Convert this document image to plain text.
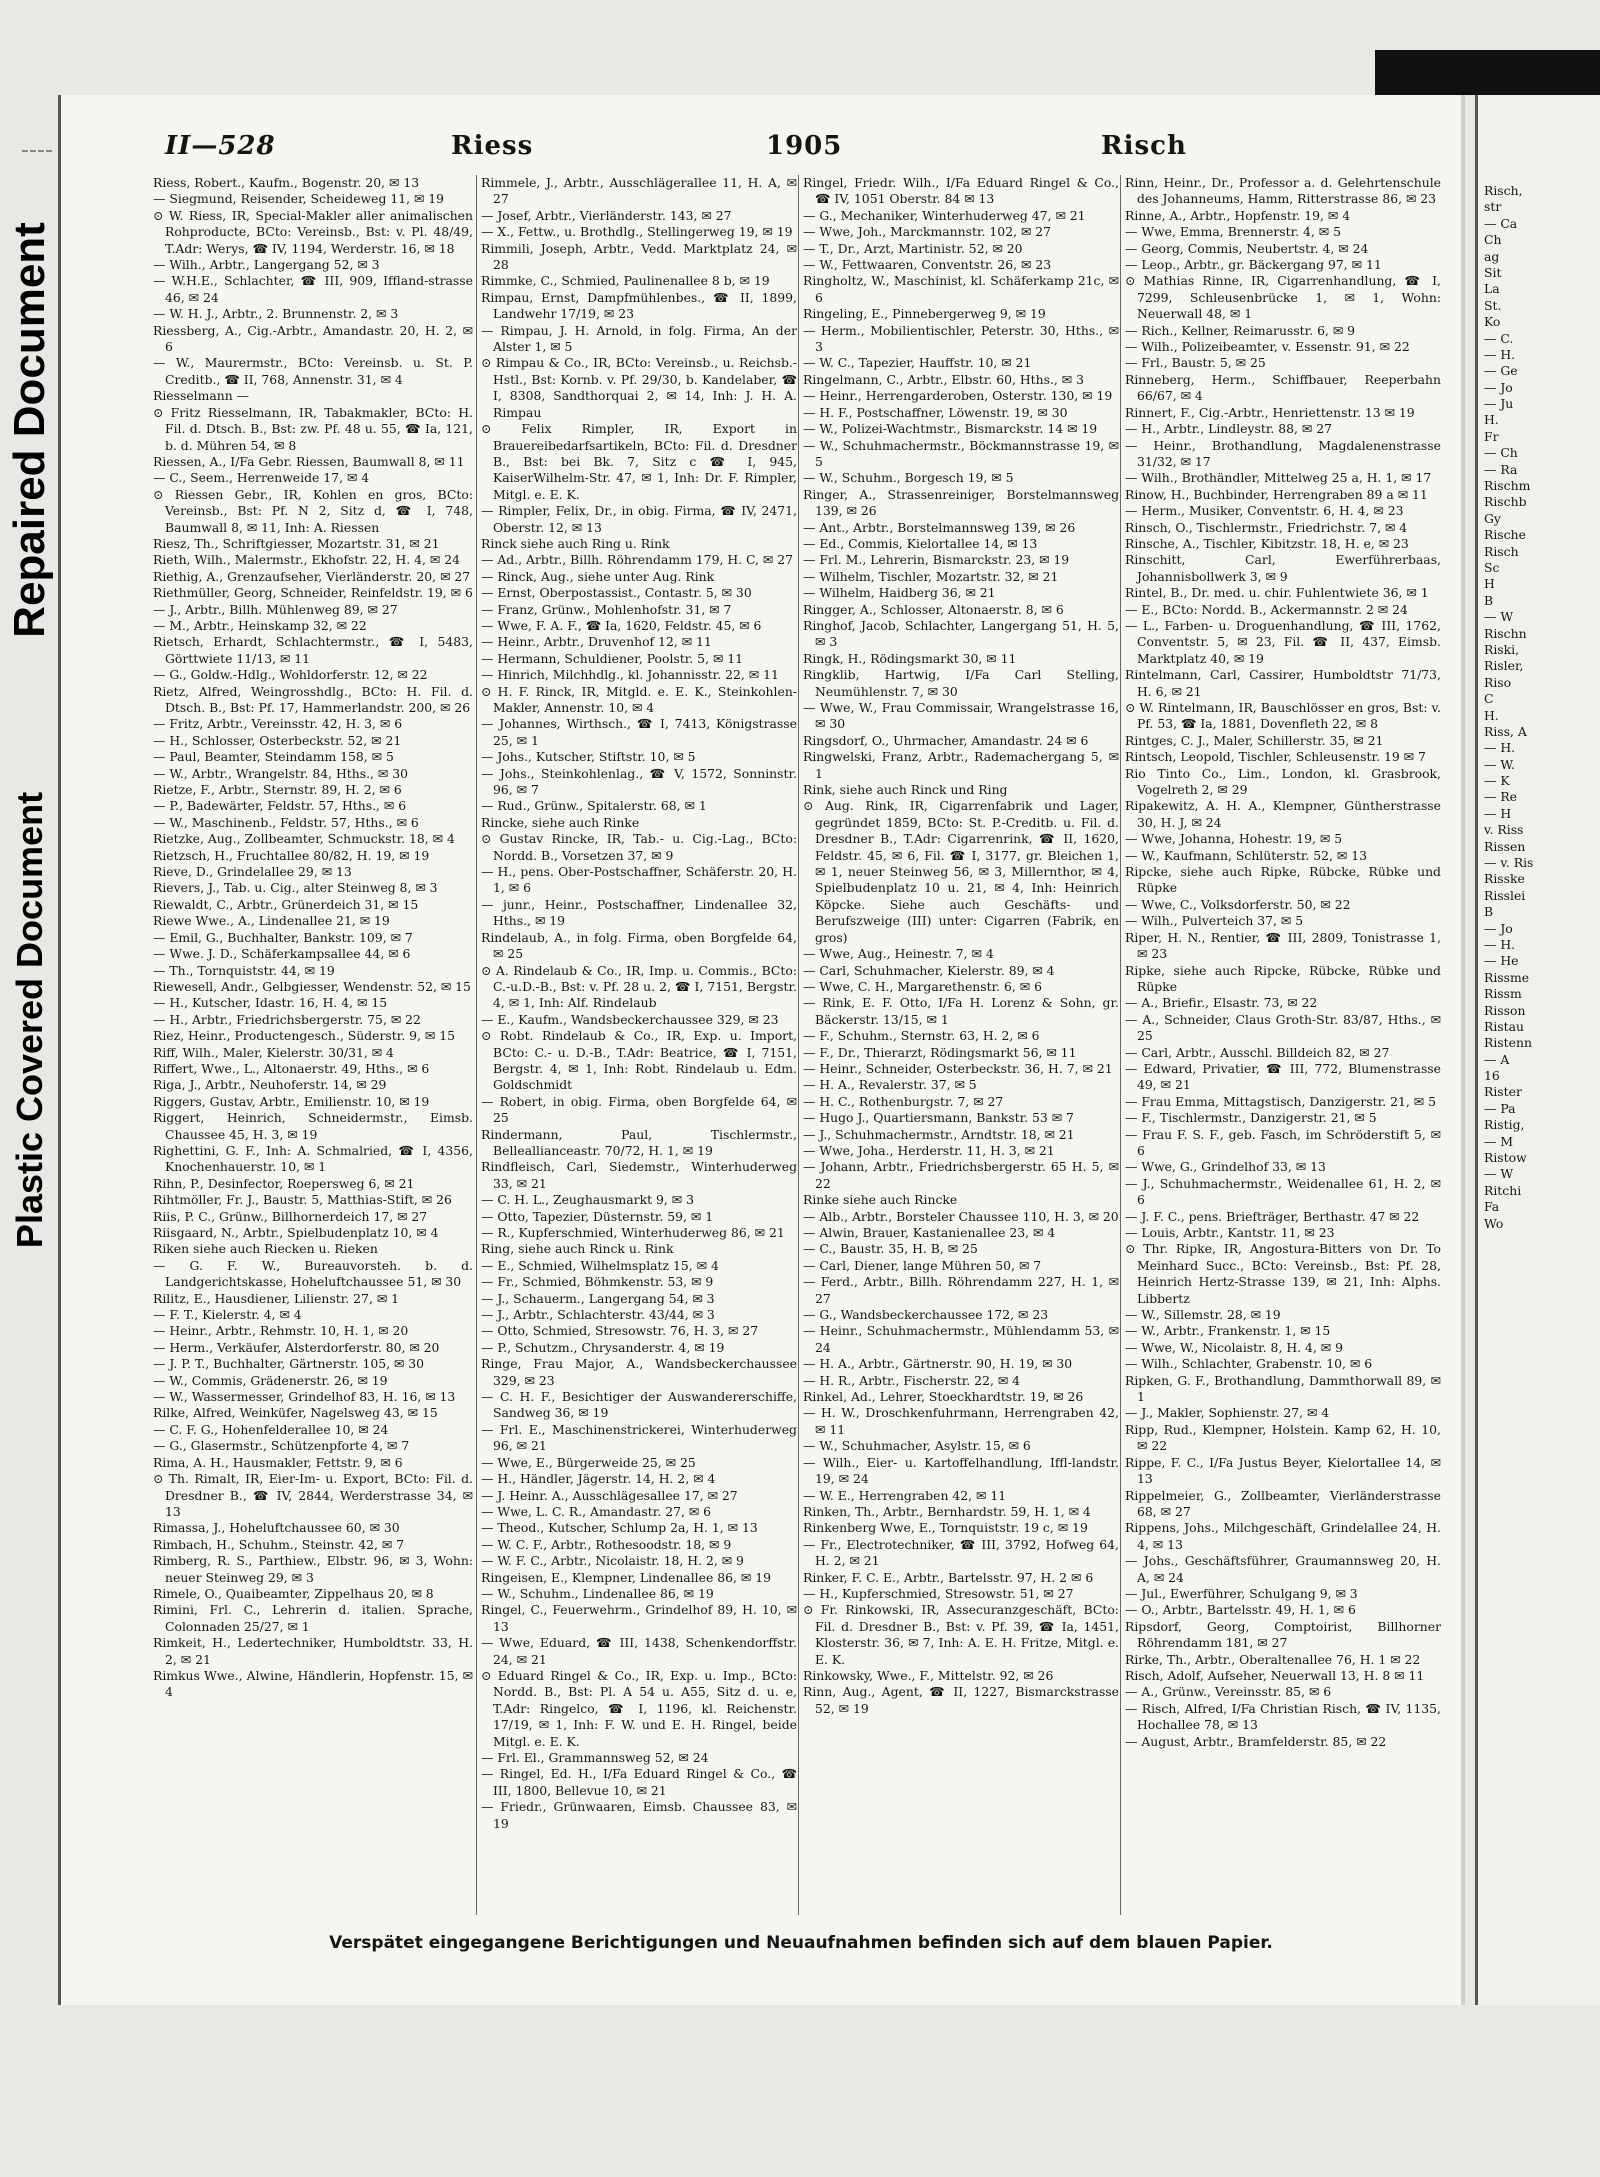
Repaired Document
Plastic Covered Document
II—528	Riess	1905	Risch

Riess, Robert., Kaufm., Bogenstr. 20, ✉ 13

— Siegmund, Reisender, Scheideweg 11, ✉ 19

⊙ W. Riess, IR, Special-Makler aller animalischen Rohproducte, BCto: Vereinsb., Bst: v. Pl. 48/49, T.Adr: Werys, ☎ IV, 1194, Werderstr. 16, ✉ 18

— Wilh., Arbtr., Langergang 52, ✉ 3

— W.H.E., Schlachter, ☎ III, 909, Iffland-strasse 46, ✉ 24

— W. H. J., Arbtr., 2. Brunnenstr. 2, ✉ 3

Riessberg, A., Cig.-Arbtr., Amandastr. 20, H. 2, ✉ 6

— W., Maurermstr., BCto: Vereinsb. u. St. P. Creditb., ☎ II, 768, Annenstr. 31, ✉ 4

Riesselmann —

⊙ Fritz Riesselmann, IR, Tabakmakler, BCto: H. Fil. d. Dtsch. B., Bst: zw. Pf. 48 u. 55, ☎ Ia, 121, b. d. Mühren 54, ✉ 8

Riessen, A., I/Fa Gebr. Riessen, Baumwall 8, ✉ 11

— C., Seem., Herrenweide 17, ✉ 4

⊙ Riessen Gebr., IR, Kohlen en gros, BCto: Vereinsb., Bst: Pf. N 2, Sitz d, ☎ I, 748, Baumwall 8, ✉ 11, Inh: A. Riessen

Riesz, Th., Schriftgiesser, Mozartstr. 31, ✉ 21

Rieth, Wilh., Malermstr., Ekhofstr. 22, H. 4, ✉ 24

Riethig, A., Grenzaufseher, Vierländerstr. 20, ✉ 27

Riethmüller, Georg, Schneider, Reinfeldstr. 19, ✉ 6

— J., Arbtr., Billh. Mühlenweg 89, ✉ 27

— M., Arbtr., Heinskamp 32, ✉ 22

Rietsch, Erhardt, Schlachtermstr., ☎ I, 5483, Görttwiete 11/13, ✉ 11

— G., Goldw.-Hdlg., Wohldorferstr. 12, ✉ 22

Rietz, Alfred, Weingrosshdlg., BCto: H. Fil. d. Dtsch. B., Bst: Pf. 17, Hammerlandstr. 200, ✉ 26

— Fritz, Arbtr., Vereinsstr. 42, H. 3, ✉ 6

— H., Schlosser, Osterbeckstr. 52, ✉ 21

— Paul, Beamter, Steindamm 158, ✉ 5

— W., Arbtr., Wrangelstr. 84, Hths., ✉ 30

Rietze, F., Arbtr., Sternstr. 89, H. 2, ✉ 6

— P., Badewärter, Feldstr. 57, Hths., ✉ 6

— W., Maschinenb., Feldstr. 57, Hths., ✉ 6

Rietzke, Aug., Zollbeamter, Schmuckstr. 18, ✉ 4

Rietzsch, H., Fruchtallee 80/82, H. 19, ✉ 19

Rieve, D., Grindelallee 29, ✉ 13

Rievers, J., Tab. u. Cig., alter Steinweg 8, ✉ 3

Riewaldt, C., Arbtr., Grünerdeich 31, ✉ 15

Riewe Wwe., A., Lindenallee 21, ✉ 19

— Emil, G., Buchhalter, Bankstr. 109, ✉ 7

— Wwe. J. D., Schäferkampsallee 44, ✉ 6

— Th., Tornquiststr. 44, ✉ 19

Riewesell, Andr., Gelbgiesser, Wendenstr. 52, ✉ 15

— H., Kutscher, Idastr. 16, H. 4, ✉ 15

— H., Arbtr., Friedrichsbergerstr. 75, ✉ 22

Riez, Heinr., Productengesch., Süderstr. 9, ✉ 15

Riff, Wilh., Maler, Kielerstr. 30/31, ✉ 4

Riffert, Wwe., L., Altonaerstr. 49, Hths., ✉ 6

Riga, J., Arbtr., Neuhoferstr. 14, ✉ 29

Riggers, Gustav, Arbtr., Emilienstr. 10, ✉ 19

Riggert, Heinrich, Schneidermstr., Eimsb. Chaussee 45, H. 3, ✉ 19

Righettini, G. F., Inh: A. Schmalried, ☎ I, 4356, Knochenhauerstr. 10, ✉ 1

Rihn, P., Desinfector, Roepersweg 6, ✉ 21

Rihtmöller, Fr. J., Baustr. 5, Matthias-Stift, ✉ 26

Riis, P. C., Grünw., Billhornerdeich 17, ✉ 27

Riisgaard, N., Arbtr., Spielbudenplatz 10, ✉ 4

Riken siehe auch Riecken u. Rieken

— G. F. W., Bureauvorsteh. b. d. Landgerichtskasse, Hoheluftchaussee 51, ✉ 30

Rilitz, E., Hausdiener, Lilienstr. 27, ✉ 1

— F. T., Kielerstr. 4, ✉ 4

— Heinr., Arbtr., Rehmstr. 10, H. 1, ✉ 20

— Herm., Verkäufer, Alsterdorferstr. 80, ✉ 20

— J. P. T., Buchhalter, Gärtnerstr. 105, ✉ 30

— W., Commis, Grädenerstr. 26, ✉ 19

— W., Wassermesser, Grindelhof 83, H. 16, ✉ 13

Rilke, Alfred, Weinküfer, Nagelsweg 43, ✉ 15

— C. F. G., Hohenfelderallee 10, ✉ 24

— G., Glasermstr., Schützenpforte 4, ✉ 7

Rima, A. H., Hausmakler, Fettstr. 9, ✉ 6

⊙ Th. Rimalt, IR, Eier-Im- u. Export, BCto: Fil. d. Dresdner B., ☎ IV, 2844, Werderstrasse 34, ✉ 13

Rimassa, J., Hoheluftchaussee 60, ✉ 30

Rimbach, H., Schuhm., Steinstr. 42, ✉ 7

Rimberg, R. S., Parthiew., Elbstr. 96, ✉ 3, Wohn: neuer Steinweg 29, ✉ 3

Rimele, O., Quaibeamter, Zippelhaus 20, ✉ 8

Rimini, Frl. C., Lehrerin d. italien. Sprache, Colonnaden 25/27, ✉ 1

Rimkeit, H., Ledertechniker, Humboldtstr. 33, H. 2, ✉ 21

Rimkus Wwe., Alwine, Händlerin, Hopfenstr. 15, ✉ 4

Rimmele, J., Arbtr., Ausschlägerallee 11, H. A, ✉ 27

— Josef, Arbtr., Vierländerstr. 143, ✉ 27

— X., Fettw., u. Brothdlg., Stellingerweg 19, ✉ 19

Rimmili, Joseph, Arbtr., Vedd. Marktplatz 24, ✉ 28

Rimmke, C., Schmied, Paulinenallee 8 b, ✉ 19

Rimpau, Ernst, Dampfmühlenbes., ☎ II, 1899, Landwehr 17/19, ✉ 23

— Rimpau, J. H. Arnold, in folg. Firma, An der Alster 1, ✉ 5

⊙ Rimpau & Co., IR, BCto: Vereinsb., u. Reichsb.-Hstl., Bst: Kornb. v. Pf. 29/30, b. Kandelaber, ☎ I, 8308, Sandthorquai 2, ✉ 14, Inh: J. H. A. Rimpau

⊙ Felix Rimpler, IR, Export in Brauereibedarfsartikeln, BCto: Fil. d. Dresdner B., Bst: bei Bk. 7, Sitz c ☎ I, 945, KaiserWilhelm-Str. 47, ✉ 1, Inh: Dr. F. Rimpler, Mitgl. e. E. K.

— Rimpler, Felix, Dr., in obig. Firma, ☎ IV, 2471, Oberstr. 12, ✉ 13

Rinck siehe auch Ring u. Rink

— Ad., Arbtr., Billh. Röhrendamm 179, H. C, ✉ 27

— Rinck, Aug., siehe unter Aug. Rink

— Ernst, Oberpostassist., Contastr. 5, ✉ 30

— Franz, Grünw., Mohlenhofstr. 31, ✉ 7

— Wwe, F. A. F., ☎ Ia, 1620, Feldstr. 45, ✉ 6

— Heinr., Arbtr., Druvenhof 12, ✉ 11

— Hermann, Schuldiener, Poolstr. 5, ✉ 11

— Hinrich, Milchhdlg., kl. Johannisstr. 22, ✉ 11

⊙ H. F. Rinck, IR, Mitgld. e. E. K., Steinkohlen-Makler, Annenstr. 10, ✉ 4

— Johannes, Wirthsch., ☎ I, 7413, Königstrasse 25, ✉ 1

— Johs., Kutscher, Stiftstr. 10, ✉ 5

— Johs., Steinkohlenlag., ☎ V, 1572, Sonninstr. 96, ✉ 7

— Rud., Grünw., Spitalerstr. 68, ✉ 1

Rincke, siehe auch Rinke

⊙ Gustav Rincke, IR, Tab.- u. Cig.-Lag., BCto: Nordd. B., Vorsetzen 37, ✉ 9

— H., pens. Ober-Postschaffner, Schäferstr. 20, H. 1, ✉ 6

— junr., Heinr., Postschaffner, Lindenallee 32, Hths., ✉ 19

Rindelaub, A., in folg. Firma, oben Borgfelde 64, ✉ 25

⊙ A. Rindelaub & Co., IR, Imp. u. Commis., BCto: C.-u.D.-B., Bst: v. Pf. 28 u. 2, ☎ I, 7151, Bergstr. 4, ✉ 1, Inh: Alf. Rindelaub

— E., Kaufm., Wandsbeckerchaussee 329, ✉ 23

⊙ Robt. Rindelaub & Co., IR, Exp. u. Import, BCto: C.- u. D.-B., T.Adr: Beatrice, ☎ I, 7151, Bergstr. 4, ✉ 1, Inh: Robt. Rindelaub u. Edm. Goldschmidt

— Robert, in obig. Firma, oben Borgfelde 64, ✉ 25

Rindermann, Paul, Tischlermstr., Belleallianceastr. 70/72, H. 1, ✉ 19

Rindfleisch, Carl, Siedemstr., Winterhuderweg 33, ✉ 21

— C. H. L., Zeughausmarkt 9, ✉ 3

— Otto, Tapezier, Düsternstr. 59, ✉ 1

— R., Kupferschmied, Winterhuderweg 86, ✉ 21

Ring, siehe auch Rinck u. Rink

— E., Schmied, Wilhelmsplatz 15, ✉ 4

— Fr., Schmied, Böhmkenstr. 53, ✉ 9

— J., Schauerm., Langergang 54, ✉ 3

— J., Arbtr., Schlachterstr. 43/44, ✉ 3

— Otto, Schmied, Stresowstr. 76, H. 3, ✉ 27

— P., Schutzm., Chrysanderstr. 4, ✉ 19

Ringe, Frau Major, A., Wandsbeckerchaussee 329, ✉ 23

— C. H. F., Besichtiger der Auswandererschiffe, Sandweg 36, ✉ 19

— Frl. E., Maschinenstrickerei, Winterhuderweg 96, ✉ 21

— Wwe, E., Bürgerweide 25, ✉ 25

— H., Händler, Jägerstr. 14, H. 2, ✉ 4

— J. Heinr. A., Ausschlägesallee 17, ✉ 27

— Wwe, L. C. R., Amandastr. 27, ✉ 6

— Theod., Kutscher, Schlump 2a, H. 1, ✉ 13

— W. C. F., Arbtr., Rothesoodstr. 18, ✉ 9

— W. F. C., Arbtr., Nicolaistr. 18, H. 2, ✉ 9

Ringeisen, E., Klempner, Lindenallee 86, ✉ 19

— W., Schuhm., Lindenallee 86, ✉ 19

Ringel, C., Feuerwehrm., Grindelhof 89, H. 10, ✉ 13

— Wwe, Eduard, ☎ III, 1438, Schenkendorffstr. 24, ✉ 21

⊙ Eduard Ringel & Co., IR, Exp. u. Imp., BCto: Nordd. B., Bst: Pl. A 54 u. A55, Sitz d. u. e, T.Adr: Ringelco, ☎ I, 1196, kl. Reichenstr. 17/19, ✉ 1, Inh: F. W. und E. H. Ringel, beide Mitgl. e. E. K.

— Frl. El., Grammannsweg 52, ✉ 24

— Ringel, Ed. H., I/Fa Eduard Ringel & Co., ☎ III, 1800, Bellevue 10, ✉ 21

— Friedr., Grünwaaren, Eimsb. Chaussee 83, ✉ 19

Ringel, Friedr. Wilh., I/Fa Eduard Ringel & Co., ☎ IV, 1051 Oberstr. 84 ✉ 13

— G., Mechaniker, Winterhuderweg 47, ✉ 21

— Wwe, Joh., Marckmannstr. 102, ✉ 27

— T., Dr., Arzt, Martinistr. 52, ✉ 20

— W., Fettwaaren, Conventstr. 26, ✉ 23

Ringholtz, W., Maschinist, kl. Schäferkamp 21c, ✉ 6

Ringeling, E., Pinnebergerweg 9, ✉ 19

— Herm., Mobilientischler, Peterstr. 30, Hths., ✉ 3

— W. C., Tapezier, Hauffstr. 10, ✉ 21

Ringelmann, C., Arbtr., Elbstr. 60, Hths., ✉ 3

— Heinr., Herrengarderoben, Osterstr. 130, ✉ 19

— H. F., Postschaffner, Löwenstr. 19, ✉ 30

— W., Polizei-Wachtmstr., Bismarckstr. 14 ✉ 19

— W., Schuhmachermstr., Böckmannstrasse 19, ✉ 5

— W., Schuhm., Borgesch 19, ✉ 5

Ringer, A., Strassenreiniger, Borstelmannsweg 139, ✉ 26

— Ant., Arbtr., Borstelmannsweg 139, ✉ 26

— Ed., Commis, Kielortallee 14, ✉ 13

— Frl. M., Lehrerin, Bismarckstr. 23, ✉ 19

— Wilhelm, Tischler, Mozartstr. 32, ✉ 21

— Wilhelm, Haidberg 36, ✉ 21

Ringger, A., Schlosser, Altonaerstr. 8, ✉ 6

Ringhof, Jacob, Schlachter, Langergang 51, H. 5, ✉ 3

Ringk, H., Rödingsmarkt 30, ✉ 11

Ringklib, Hartwig, I/Fa Carl Stelling, Neumühlenstr. 7, ✉ 30

— Wwe, W., Frau Commissair, Wrangelstrasse 16, ✉ 30

Ringsdorf, O., Uhrmacher, Amandastr. 24 ✉ 6

Ringwelski, Franz, Arbtr., Rademachergang 5, ✉ 1

Rink, siehe auch Rinck und Ring

⊙ Aug. Rink, IR, Cigarrenfabrik und Lager, gegründet 1859, BCto: St. P.-Creditb. u. Fil. d. Dresdner B., T.Adr: Cigarrenrink, ☎ II, 1620, Feldstr. 45, ✉ 6, Fil. ☎ I, 3177, gr. Bleichen 1, ✉ 1, neuer Steinweg 56, ✉ 3, Millernthor, ✉ 4, Spielbudenplatz 10 u. 21, ✉ 4, Inh: Heinrich Köpcke. Siehe auch Geschäfts- und Berufszweige (III) unter: Cigarren (Fabrik, en gros)

— Wwe, Aug., Heinestr. 7, ✉ 4

— Carl, Schuhmacher, Kielerstr. 89, ✉ 4

— Wwe, C. H., Margarethenstr. 6, ✉ 6

— Rink, E. F. Otto, I/Fa H. Lorenz & Sohn, gr. Bäckerstr. 13/15, ✉ 1

— F., Schuhm., Sternstr. 63, H. 2, ✉ 6

— F., Dr., Thierarzt, Rödingsmarkt 56, ✉ 11

— Heinr., Schneider, Osterbeckstr. 36, H. 7, ✉ 21

— H. A., Revalerstr. 37, ✉ 5

— H. C., Rothenburgstr. 7, ✉ 27

— Hugo J., Quartiersmann, Bankstr. 53 ✉ 7

— J., Schuhmachermstr., Arndtstr. 18, ✉ 21

— Wwe, Joha., Herderstr. 11, H. 3, ✉ 21

— Johann, Arbtr., Friedrichsbergerstr. 65 H. 5, ✉ 22

Rinke siehe auch Rincke

— Alb., Arbtr., Borsteler Chaussee 110, H. 3, ✉ 20

— Alwin, Brauer, Kastanienallee 23, ✉ 4

— C., Baustr. 35, H. B, ✉ 25

— Carl, Diener, lange Mühren 50, ✉ 7

— Ferd., Arbtr., Billh. Röhrendamm 227, H. 1, ✉ 27

— G., Wandsbeckerchaussee 172, ✉ 23

— Heinr., Schuhmachermstr., Mühlendamm 53, ✉ 24

— H. A., Arbtr., Gärtnerstr. 90, H. 19, ✉ 30

— H. R., Arbtr., Fischerstr. 22, ✉ 4

Rinkel, Ad., Lehrer, Stoeckhardtstr. 19, ✉ 26

— H. W., Droschkenfuhrmann, Herrengraben 42, ✉ 11

— W., Schuhmacher, Asylstr. 15, ✉ 6

— Wilh., Eier- u. Kartoffelhandlung, Iffl-landstr. 19, ✉ 24

— W. E., Herrengraben 42, ✉ 11

Rinken, Th., Arbtr., Bernhardstr. 59, H. 1, ✉ 4

Rinkenberg Wwe, E., Tornquiststr. 19 c, ✉ 19

— Fr., Electrotechniker, ☎ III, 3792, Hofweg 64, H. 2, ✉ 21

Rinker, F. C. E., Arbtr., Bartelsstr. 97, H. 2 ✉ 6

— H., Kupferschmied, Stresowstr. 51, ✉ 27

⊙ Fr. Rinkowski, IR, Assecuranzgeschäft, BCto: Fil. d. Dresdner B., Bst: v. Pf. 39, ☎ Ia, 1451, Klosterstr. 36, ✉ 7, Inh: A. E. H. Fritze, Mitgl. e. E. K.

Rinkowsky, Wwe., F., Mittelstr. 92, ✉ 26

Rinn, Aug., Agent, ☎ II, 1227, Bismarckstrasse 52, ✉ 19

Rinn, Heinr., Dr., Professor a. d. Gelehrtenschule des Johanneums, Hamm, Ritterstrasse 86, ✉ 23

Rinne, A., Arbtr., Hopfenstr. 19, ✉ 4

— Wwe, Emma, Brennerstr. 4, ✉ 5

— Georg, Commis, Neubertstr. 4, ✉ 24

— Leop., Arbtr., gr. Bäckergang 97, ✉ 11

⊙ Mathias Rinne, IR, Cigarrenhandlung, ☎ I, 7299, Schleusenbrücke 1, ✉ 1, Wohn: Neuerwall 48, ✉ 1

— Rich., Kellner, Reimarusstr. 6, ✉ 9

— Wilh., Polizeibeamter, v. Essenstr. 91, ✉ 22

— Frl., Baustr. 5, ✉ 25

Rinneberg, Herm., Schiffbauer, Reeperbahn 66/67, ✉ 4

Rinnert, F., Cig.-Arbtr., Henriettenstr. 13 ✉ 19

— H., Arbtr., Lindleystr. 88, ✉ 27

— Heinr., Brothandlung, Magdalenenstrasse 31/32, ✉ 17

— Wilh., Brothändler, Mittelweg 25 a, H. 1, ✉ 17

Rinow, H., Buchbinder, Herrengraben 89 a ✉ 11

— Herm., Musiker, Conventstr. 6, H. 4, ✉ 23

Rinsch, O., Tischlermstr., Friedrichstr. 7, ✉ 4

Rinsche, A., Tischler, Kibitzstr. 18, H. e, ✉ 23

Rinschitt, Carl, Ewerführerbaas, Johannisbollwerk 3, ✉ 9

Rintel, B., Dr. med. u. chir. Fuhlentwiete 36, ✉ 1

— E., BCto: Nordd. B., Ackermannstr. 2 ✉ 24

— L., Farben- u. Droguenhandlung, ☎ III, 1762, Conventstr. 5, ✉ 23, Fil. ☎ II, 437, Eimsb. Marktplatz 40, ✉ 19

Rintelmann, Carl, Cassirer, Humboldtstr 71/73, H. 6, ✉ 21

⊙ W. Rintelmann, IR, Bauschlösser en gros, Bst: v. Pf. 53, ☎ Ia, 1881, Dovenfleth 22, ✉ 8

Rintges, C. J., Maler, Schillerstr. 35, ✉ 21

Rintsch, Leopold, Tischler, Schleusenstr. 19 ✉ 7

Rio Tinto Co., Lim., London, kl. Grasbrook, Vogelreth 2, ✉ 29

Ripakewitz, A. H. A., Klempner, Güntherstrasse 30, H. J, ✉ 24

— Wwe, Johanna, Hohestr. 19, ✉ 5

— W., Kaufmann, Schlüterstr. 52, ✉ 13

Ripcke, siehe auch Ripke, Rübcke, Rübke und Rüpke

— Wwe, C., Volksdorferstr. 50, ✉ 22

— Wilh., Pulverteich 37, ✉ 5

Riper, H. N., Rentier, ☎ III, 2809, Tonistrasse 1, ✉ 23

Ripke, siehe auch Ripcke, Rübcke, Rübke und Rüpke

— A., Briefir., Elsastr. 73, ✉ 22

— A., Schneider, Claus Groth-Str. 83/87, Hths., ✉ 25

— Carl, Arbtr., Ausschl. Billdeich 82, ✉ 27

— Edward, Privatier, ☎ III, 772, Blumenstrasse 49, ✉ 21

— Frau Emma, Mittagstisch, Danzigerstr. 21, ✉ 5

— F., Tischlermstr., Danzigerstr. 21, ✉ 5

— Frau F. S. F., geb. Fasch, im Schröderstift 5, ✉ 6

— Wwe, G., Grindelhof 33, ✉ 13

— J., Schuhmachermstr., Weidenallee 61, H. 2, ✉ 6

— J. F. C., pens. Briefträger, Berthastr. 47 ✉ 22

— Louis, Arbtr., Kantstr. 11, ✉ 23

⊙ Thr. Ripke, IR, Angostura-Bitters von Dr. To Meinhard Succ., BCto: Vereinsb., Bst: Pf. 28, Heinrich Hertz-Strasse 139, ✉ 21, Inh: Alphs. Libbertz

— W., Sillemstr. 28, ✉ 19

— W., Arbtr., Frankenstr. 1, ✉ 15

— Wwe, W., Nicolaistr. 8, H. 4, ✉ 9

— Wilh., Schlachter, Grabenstr. 10, ✉ 6

Ripken, G. F., Brothandlung, Dammthorwall 89, ✉ 1

— J., Makler, Sophienstr. 27, ✉ 4

Ripp, Rud., Klempner, Holstein. Kamp 62, H. 10, ✉ 22

Rippe, F. C., I/Fa Justus Beyer, Kielortallee 14, ✉ 13

Rippelmeier, G., Zollbeamter, Vierländerstrasse 68, ✉ 27

Rippens, Johs., Milchgeschäft, Grindelallee 24, H. 4, ✉ 13

— Johs., Geschäftsführer, Graumannsweg 20, H. A, ✉ 24

— Jul., Ewerführer, Schulgang 9, ✉ 3

— O., Arbtr., Bartelsstr. 49, H. 1, ✉ 6

Ripsdorf, Georg, Comptoirist, Billhorner Röhrendamm 181, ✉ 27

Rirke, Th., Arbtr., Oberaltenallee 76, H. 1 ✉ 22

Risch, Adolf, Aufseher, Neuerwall 13, H. 8 ✉ 11

— A., Grünw., Vereinsstr. 85, ✉ 6

— Risch, Alfred, I/Fa Christian Risch, ☎ IV, 1135, Hochallee 78, ✉ 13

— August, Arbtr., Bramfelderstr. 85, ✉ 22

Verspätet eingegangene Berichtigungen und Neuaufnahmen befinden sich auf dem blauen Papier.
Risch,
str
— Ca
Ch
ag
Sit
La
St.
Ko
— C.
— H.
— Ge
— Jo
— Ju
H.
Fr
— Ch
— Ra
Rischm
Rischb
Gy
Rische
Risch
Sc
H
B
— W
Rischn
Riski,
Risler,
Riso
C
H.
Riss, A
— H.
— W.
— K
— Re
— H
v. Riss
Rissen
— v. Ris
Risske
Risslei
B
— Jo
— H.
— He
Rissme
Rissm
Risson
Ristau
Ristenn
— A
16
Rister
— Pa
Ristig,
— M
Ristow
— W
Ritchi
Fa
Wo
